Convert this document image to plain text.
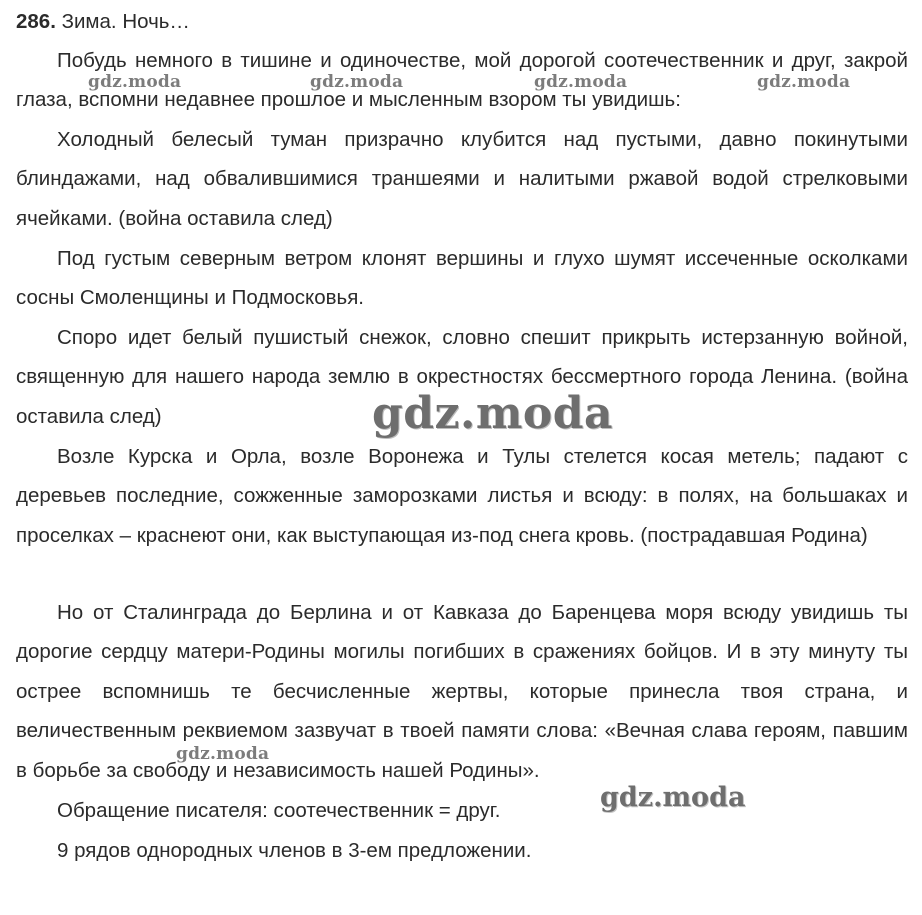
286. Зима. Ночь…

Побудь немного в тишине и одиночестве, мой дорогой соотечественник и друг, закрой глаза, вспомни недавнее прошлое и мысленным взором ты увидишь:

Холодный белесый туман призрачно клубится над пустыми, давно покинутыми блиндажами, над обвалившимися траншеями и налитыми ржавой водой стрелковыми ячейками. (война оставила след)

Под густым северным ветром клонят вершины и глухо шумят иссеченные осколками сосны Смоленщины и Подмосковья.

Споро идет белый пушистый снежок, словно спешит прикрыть истерзанную войной, священную для нашего народа землю в окрестностях бессмертного города Ленина. (война оставила след)

Возле Курска и Орла, возле Воронежа и Тулы стелется косая метель; падают с деревьев последние, сожженные заморозками листья и всюду: в полях, на большаках и проселках – краснеют они, как выступающая из-под снега кровь. (пострадавшая Родина)

Но от Сталинграда до Берлина и от Кавказа до Баренцева моря всюду увидишь ты дорогие сердцу матери-Родины могилы погибших в сражениях бойцов. И в эту минуту ты острее вспомнишь те бесчисленные жертвы, которые принесла твоя страна, и величественным реквиемом зазвучат в твоей памяти слова: «Вечная слава героям, павшим в борьбе за свободу и независимость нашей Родины».

Обращение писателя: соотечественник = друг.

9 рядов однородных членов в 3-ем предложении.

gdz.moda	gdz.moda	gdz.moda	gdz.moda
gdz.moda
gdz.moda
gdz.moda
